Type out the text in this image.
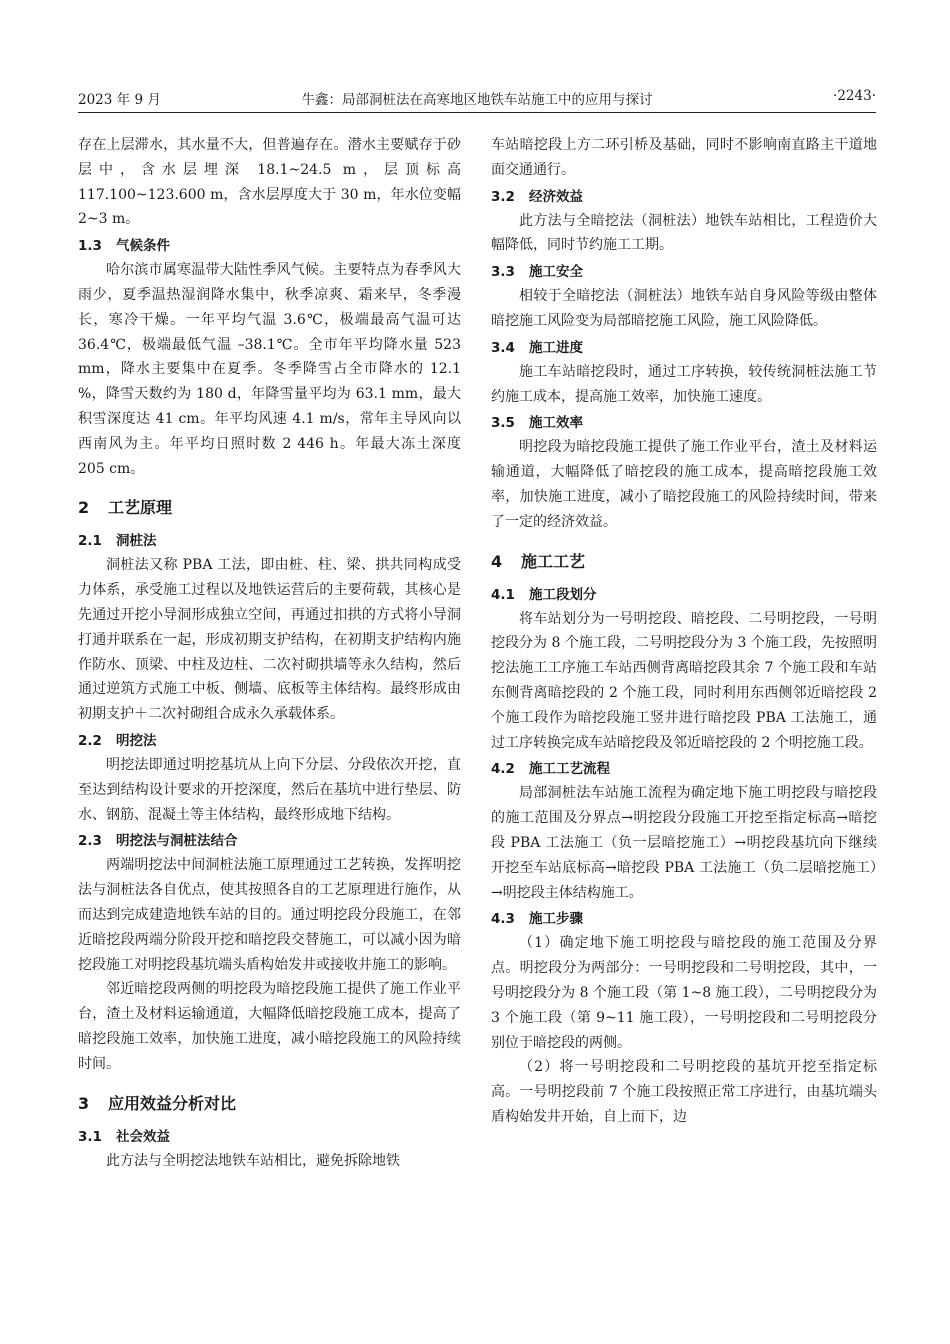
2023 年 9 月	牛鑫：局部洞桩法在高寒地区地铁车站施工中的应用与探讨	·2243·

存在上层滞水，其水量不大，但普遍存在。潜水主要赋存于砂层中，含水层埋深 18.1~24.5 m，层顶标高 117.100~123.600 m，含水层厚度大于 30 m，年水位变幅 2~3 m。

1.3 气候条件

哈尔滨市属寒温带大陆性季风气候。主要特点为春季风大雨少，夏季温热湿润降水集中，秋季凉爽、霜来早，冬季漫长，寒冷干燥。一年平均气温 3.6℃，极端最高气温可达 36.4℃，极端最低气温 –38.1℃。全市年平均降水量 523 mm，降水主要集中在夏季。冬季降雪占全市降水的 12.1 %，降雪天数约为 180 d，年降雪量平均为 63.1 mm，最大积雪深度达 41 cm。年平均风速 4.1 m/s，常年主导风向以西南风为主。年平均日照时数 2 446 h。年最大冻土深度 205 cm。

2 工艺原理
2.1 洞桩法

洞桩法又称 PBA 工法，即由桩、柱、梁、拱共同构成受力体系，承受施工过程以及地铁运营后的主要荷载，其核心是先通过开挖小导洞形成独立空间，再通过扣拱的方式将小导洞打通并联系在一起，形成初期支护结构，在初期支护结构内施作防水、顶梁、中柱及边柱、二次衬砌拱墙等永久结构，然后通过逆筑方式施工中板、侧墙、底板等主体结构。最终形成由初期支护＋二次衬砌组合成永久承载体系。

2.2 明挖法

明挖法即通过明挖基坑从上向下分层、分段依次开挖，直至达到结构设计要求的开挖深度，然后在基坑中进行垫层、防水、钢筋、混凝土等主体结构，最终形成地下结构。

2.3 明挖法与洞桩法结合

两端明挖法中间洞桩法施工原理通过工艺转换，发挥明挖法与洞桩法各自优点，使其按照各自的工艺原理进行施作，从而达到完成建造地铁车站的目的。通过明挖段分段施工，在邻近暗挖段两端分阶段开挖和暗挖段交替施工，可以减小因为暗挖段施工对明挖段基坑端头盾构始发井或接收井施工的影响。

邻近暗挖段两侧的明挖段为暗挖段施工提供了施工作业平台，渣土及材料运输通道，大幅降低暗挖段施工成本，提高了暗挖段施工效率，加快施工进度，减小暗挖段施工的风险持续时间。

3 应用效益分析对比
3.1 社会效益

此方法与全明挖法地铁车站相比，避免拆除地铁

车站暗挖段上方二环引桥及基础，同时不影响南直路主干道地面交通通行。

3.2 经济效益

此方法与全暗挖法（洞桩法）地铁车站相比，工程造价大幅降低，同时节约施工工期。

3.3 施工安全

相较于全暗挖法（洞桩法）地铁车站自身风险等级由整体暗挖施工风险变为局部暗挖施工风险，施工风险降低。

3.4 施工进度

施工车站暗挖段时，通过工序转换，较传统洞桩法施工节约施工成本，提高施工效率，加快施工速度。

3.5 施工效率

明挖段为暗挖段施工提供了施工作业平台，渣土及材料运输通道，大幅降低了暗挖段的施工成本，提高暗挖段施工效率，加快施工进度，减小了暗挖段施工的风险持续时间，带来了一定的经济效益。

4 施工工艺
4.1 施工段划分

将车站划分为一号明挖段、暗挖段、二号明挖段，一号明挖段分为 8 个施工段，二号明挖段分为 3 个施工段，先按照明挖法施工工序施工车站西侧背离暗挖段其余 7 个施工段和车站东侧背离暗挖段的 2 个施工段，同时利用东西侧邻近暗挖段 2 个施工段作为暗挖段施工竖井进行暗挖段 PBA 工法施工，通过工序转换完成车站暗挖段及邻近暗挖段的 2 个明挖施工段。

4.2 施工工艺流程

局部洞桩法车站施工流程为确定地下施工明挖段与暗挖段的施工范围及分界点→明挖段分段施工开挖至指定标高→暗挖段 PBA 工法施工（负一层暗挖施工）→明挖段基坑向下继续开挖至车站底标高→暗挖段 PBA 工法施工（负二层暗挖施工）→明挖段主体结构施工。

4.3 施工步骤

（1）确定地下施工明挖段与暗挖段的施工范围及分界点。明挖段分为两部分：一号明挖段和二号明挖段，其中，一号明挖段分为 8 个施工段（第 1~8 施工段），二号明挖段分为 3 个施工段（第 9~11 施工段），一号明挖段和二号明挖段分别位于暗挖段的两侧。

（2）将一号明挖段和二号明挖段的基坑开挖至指定标高。一号明挖段前 7 个施工段按照正常工序进行，由基坑端头盾构始发井开始，自上而下，边
